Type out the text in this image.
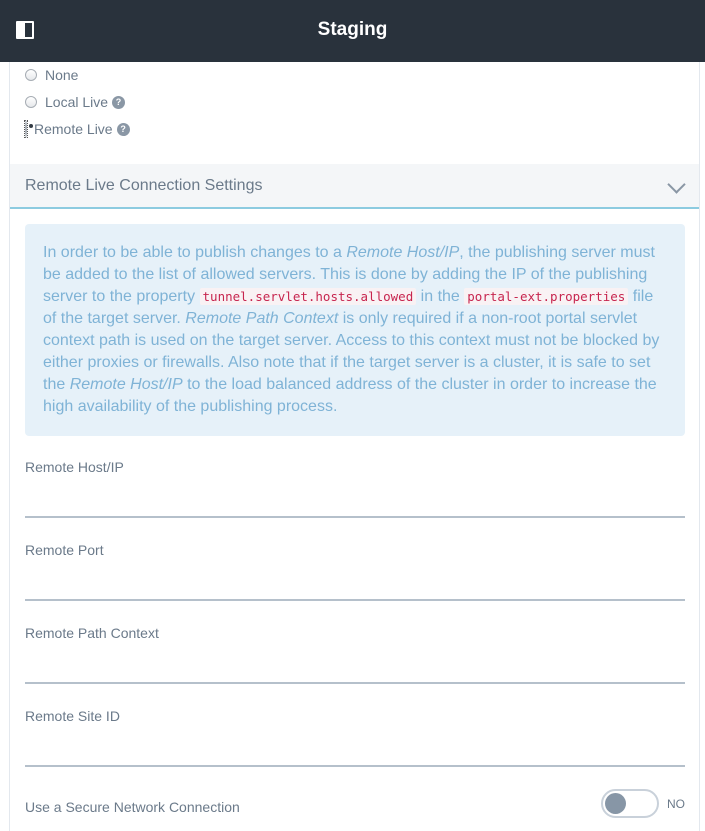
Staging
None
Local Live ?
Remote Live ?
Remote Live Connection Settings
In order to be able to publish changes to a Remote Host/IP, the publishing server must be added to the list of allowed servers. This is done by adding the IP of the publishing server to the property tunnel.servlet.hosts.allowed in the portal-ext.properties file of the target server. Remote Path Context is only required if a non-root portal servlet context path is used on the target server. Access to this context must not be blocked by either proxies or firewalls. Also note that if the target server is a cluster, it is safe to set the Remote Host/IP to the load balanced address of the cluster in order to increase the high availability of the publishing process.
Remote Host/IP
Remote Port
Remote Path Context
Remote Site ID
Use a Secure Network Connection	NO
